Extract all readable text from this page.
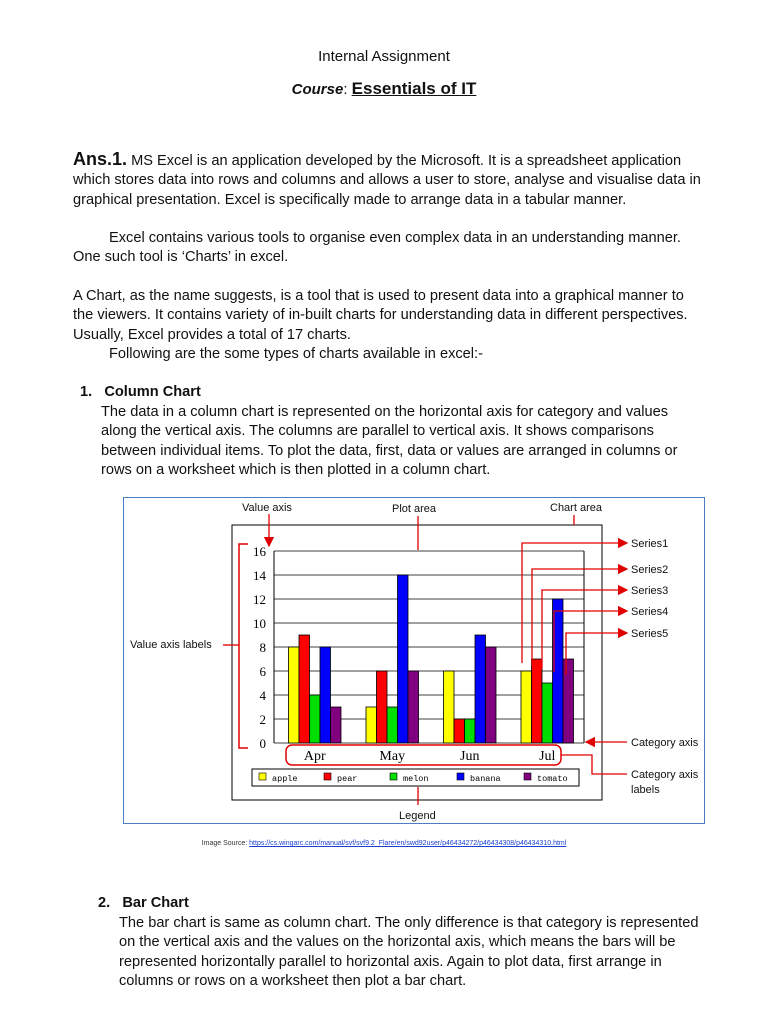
Internal Assignment
Course: Essentials of IT
Ans.1. MS Excel is an application developed by the Microsoft. It is a spreadsheet application which stores data into rows and columns and allows a user to store, analyse and visualise data in graphical presentation. Excel is specifically made to arrange data in a tabular manner.
Excel contains various tools to organise even complex data in an understanding manner. One such tool is ‘Charts’ in excel.
A Chart, as the name suggests, is a tool that is used to present data into a graphical manner to the viewers. It contains variety of in-built charts for understanding data in different perspectives. Usually, Excel provides a total of 17 charts.
Following are the some types of charts available in excel:-
1. Column Chart
The data in a column chart is represented on the horizontal axis for category and values along the vertical axis. The columns are parallel to vertical axis. It shows comparisons between individual items. To plot the data, first, data or values are arranged in columns or rows on a worksheet which is then plotted in a column chart.
0
2
4
6
8
10
12
14
16
Apr	May	Jun	Jul
apple	pear	melon	banana	tomato
Value axis	Plot area	Chart area
Value axis labels
Series1
Series2
Series3
Series4
Series5
Category axis
Category axis
labels
Legend
Image Source: https://cs.wingarc.com/manual/svf/svf9.2_Flare/en/swd92user/p46434272/p46434308/p46434310.html
2. Bar Chart
The bar chart is same as column chart. The only difference is that category is represented on the vertical axis and the values on the horizontal axis, which means the bars will be represented horizontally parallel to horizontal axis. Again to plot data, first arrange in columns or rows on a worksheet then plot a bar chart.
